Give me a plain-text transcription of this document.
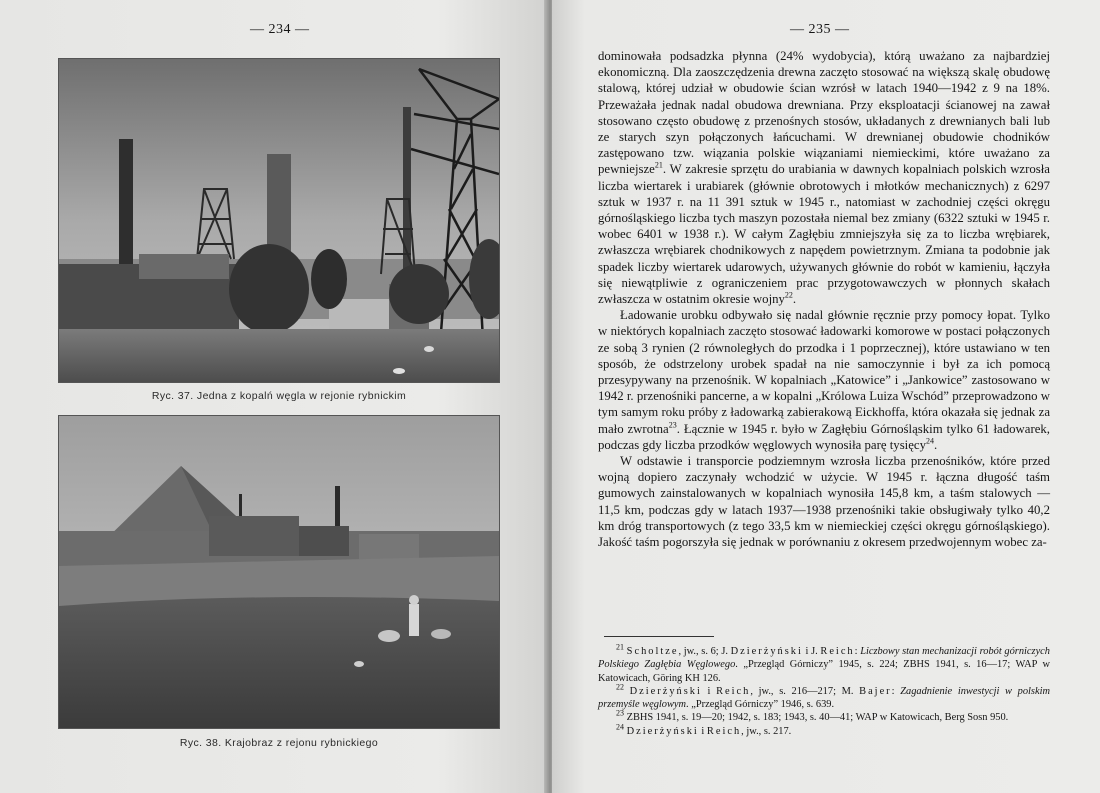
— 234 —
Ryc. 37. Jedna z kopalń węgla w rejonie rybnickim
Ryc. 38. Krajobraz z rejonu rybnickiego
— 235 —

dominowała podsadzka płynna (24% wydobycia), którą uważano za najbardziej ekonomiczną. Dla zaoszczędzenia drewna zaczęto stosować na większą skalę obudowę stalową, której udział w obudowie ścian wzrósł w latach 1940—1942 z 9 na 18%. Przeważała jednak nadal obudowa drewniana. Przy eksploatacji ścianowej na zawał stosowano często obudowę z przenośnych stosów, układanych z drewnianych bali lub ze starych szyn połączonych łańcuchami. W drewnianej obudowie chodników zastępowano tzw. wiązania polskie wiązaniami niemieckimi, które uważano za pewniejsze$^{21}$. W zakresie sprzętu do urabiania w dawnych kopalniach polskich wzrosła liczba wiertarek i urabiarek (głównie obrotowych i młotków mechanicznych) z 6297 sztuk w 1937 r. na 11 391 sztuk w 1945 r., natomiast w zachodniej części okręgu górnośląskiego liczba tych maszyn pozostała niemal bez zmiany (6322 sztuki w 1945 r. wobec 6401 w 1938 r.). W całym Zagłębiu zmniejszyła się za to liczba wrębiarek, zwłaszcza wrębiarek chodnikowych z napędem powietrznym. Zmiana ta podobnie jak spadek liczby wiertarek udarowych, używanych głównie do robót w kamieniu, łączyła się niewątpliwie z ograniczeniem prac przygotowawczych w płonnych skałach zwłaszcza w ostatnim okresie wojny$^{22}$.

Ładowanie urobku odbywało się nadal głównie ręcznie przy pomocy łopat. Tylko w niektórych kopalniach zaczęto stosować ładowarki komorowe w postaci połączonych ze sobą 3 rynien (2 równoległych do przodka i 1 poprzecznej), które ustawiano w ten sposób, że odstrzelony urobek spadał na nie samoczynnie i był za ich pomocą przesypywany na przenośnik. W kopalniach „Katowice” i „Jankowice” zastosowano w 1942 r. przenośniki pancerne, a w kopalni „Królowa Luiza Wschód” przeprowadzono w tym samym roku próby z ładowarką zabierakową Eickhoffa, która okazała się jednak za mało zwrotna$^{23}$. Łącznie w 1945 r. było w Zagłębiu Górnośląskim tylko 61 ładowarek, podczas gdy liczba przodków węglowych wynosiła parę tysięcy$^{24}$.

W odstawie i transporcie podziemnym wzrosła liczba przenośników, które przed wojną dopiero zaczynały wchodzić w użycie. W 1945 r. łączna długość taśm gumowych zainstalowanych w kopalniach wynosiła 145,8 km, a taśm stalowych — 11,5 km, podczas gdy w latach 1937—1938 przenośniki takie obsługiwały tylko 40,2 km dróg transportowych (z tego 33,5 km w niemieckiej części okręgu górnośląskiego). Jakość taśm pogorszyła się jednak w porównaniu z okresem przedwojennym wobec za-

$^{21}$ Scholtze, jw., s. 6; J. Dzierżyński i J. Reich: Liczbowy stan mechanizacji robót górniczych Polskiego Zagłębia Węglowego. „Przegląd Górniczy” 1945, s. 224; ZBHS 1941, s. 16—17; WAP w Katowicach, Göring KH 126.

$^{22}$ Dzierżyński i Reich, jw., s. 216—217; M. Bajer: Zagadnienie inwestycji w polskim przemyśle węglowym. „Przegląd Górniczy” 1946, s. 639.

$^{23}$ ZBHS 1941, s. 19—20; 1942, s. 183; 1943, s. 40—41; WAP w Katowicach, Berg Sosn 950.

$^{24}$ Dzierżyński i Reich, jw., s. 217.
